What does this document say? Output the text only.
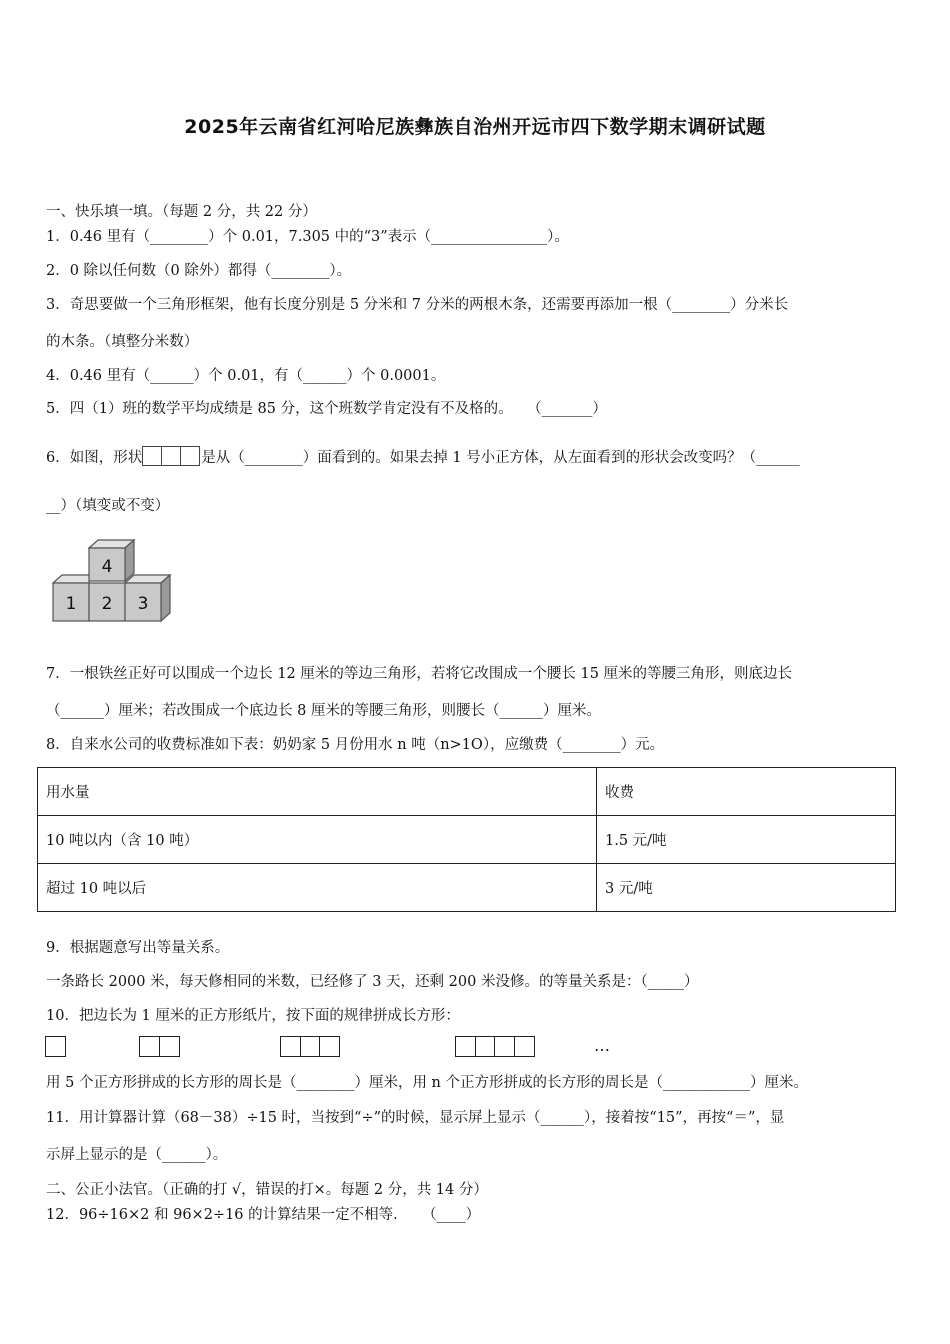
2025年云南省红河哈尼族彝族自治州开远市四下数学期末调研试题
一、快乐填一填。（每题 2 分，共 22 分）
1．0.46 里有（________）个 0.01，7.305 中的“3”表示（________________）。
2．0 除以任何数（0 除外）都得（________）。
3．奇思要做一个三角形框架，他有长度分别是 5 分米和 7 分米的两根木条，还需要再添加一根（________）分米长
的木条。（填整分米数）
4．0.46 里有（______）个 0.01，有（______）个 0.0001。
5．四（1）班的数学平均成绩是 85 分，这个班数学肯定没有不及格的。　　（_______）
6．如图，形状	是从（________）面看到的。如果去掉 1 号小正方体，从左面看到的形状会改变吗？（______
__）（填变或不变）
4
1 2 3
7．一根铁丝正好可以围成一个边长 12 厘米的等边三角形，若将它改围成一个腰长 15 厘米的等腰三角形，则底边长
（______）厘米；若改围成一个底边长 8 厘米的等腰三角形，则腰长（______）厘米。
8．自来水公司的收费标准如下表：奶奶家 5 月份用水 n 吨（n>1O），应缴费（________）元。
用水量	收费
10 吨以内（含 10 吨）	1.5 元/吨
超过 10 吨以后	3 元/吨
9．根据题意写出等量关系。
一条路长 2000 米，每天修相同的米数，已经修了 3 天，还剩 200 米没修。的等量关系是：（_____）
10．把边长为 1 厘米的正方形纸片，按下面的规律拼成长方形：
…
用 5 个正方形拼成的长方形的周长是（________）厘米，用 n 个正方形拼成的长方形的周长是（____________）厘米。
11．用计算器计算（68－38）÷15 时，当按到“÷”的时候，显示屏上显示（______），接着按“15”，再按“＝”，显
示屏上显示的是（______）。
二、公正小法官。（正确的打 √，错误的打×。每题 2 分，共 14 分）
12．96÷16×2 和 96×2÷16 的计算结果一定不相等．　　（____）
